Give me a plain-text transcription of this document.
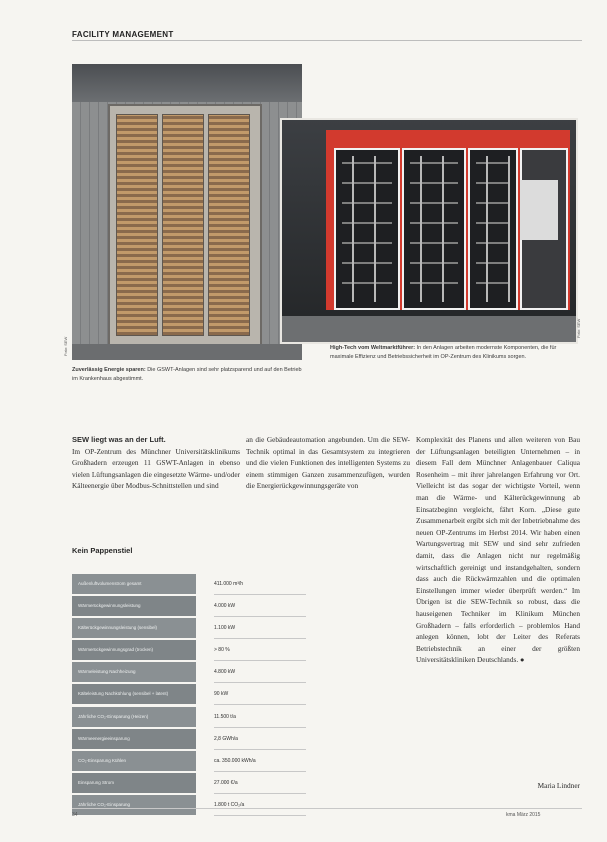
FACILITY MANAGEMENT
Foto: SEW
Foto: SEW
Zuverlässig Energie sparen: Die GSWT-Anlagen sind sehr platzsparend und auf den Betrieb im Krankenhaus abgestimmt.
High-Tech vom Weltmarktführer: In den Anlagen arbeiten modernste Komponenten, die für maximale Effizienz und Betriebssicherheit im OP-Zentrum des Klinikums sorgen.
SEW liegt was an der Luft.
Im OP-Zentrum des Münchner Universitätsklinikums Großhadern erzeugen 11 GSWT-Anlagen in ebenso vielen Lüftungsanlagen die eingesetzte Wärme- und/oder Kälteenergie über Modbus-Schnittstellen und sind
an die Gebäudeautomation angebunden. Um die SEW-Technik optimal in das Gesamtsystem zu integrieren und die vielen Funktionen des intelligenten Systems zu einem stimmigen Ganzen zusammenzufügen, wurden die Energierückgewinnungsgeräte von
Komplexität des Planens und allen weiteren von Bau der Lüftungsanlagen beteiligten Unternehmen – in diesem Fall dem Münchner Anlagenbauer Caliqua Rosenheim – mit ihrer jahrelangen Erfahrung vor Ort. Vielleicht ist das sogar der wichtigste Vorteil, wenn man die Wärme- und Kälterückgewinnung ab Einsatzbeginn vergleicht, fährt Korn. „Diese gute Zusammenarbeit ergibt sich mit der Inbetriebnahme des neuen OP-Zentrums im Herbst 2014. Wir haben einen Wartungsvertrag mit SEW und sind sehr zufrieden damit, dass die Anlagen nicht nur regelmäßig wirtschaftlich gereinigt und instandgehalten, sondern dass auch die Rückwärmzahlen und die optimalen Einstellungen immer wieder überprüft werden.“ Im Übrigen ist die SEW-Technik so robust, dass die hauseigenen Techniker im Klinikum München Großhadern – falls erforderlich – problemlos Hand anlegen können, lobt der Leiter des Referats Betriebstechnik an einer der größten Universitätskliniken Deutschlands. ●
Maria Lindner
Kein Pappenstiel
Außenluftvolumenstrom gesamt	411.000 m³/h
Wärmerückgewinnungsleistung	4.000 kW
Kälterückgewinnungsleistung (sensibel)	1.100 kW
Wärmerückgewinnungsgrad (trocken)	> 80 %
Wärmeleistung Nachheizung	4.800 kW
Kälteleistung Nachkühlung (sensibel + latent)	90 kW
Jährliche CO₂-Einsparung (Heizen)	11.500 t/a
Wärmeenergieeinsparung	2,8 GWh/a
CO₂-Einsparung Kühlen	ca. 350.000 kWh/a
Einsparung Strom	27.000 €/a
Jährliche CO₂-Einsparung	1.800 t CO₂/a
34	kma März 2015
